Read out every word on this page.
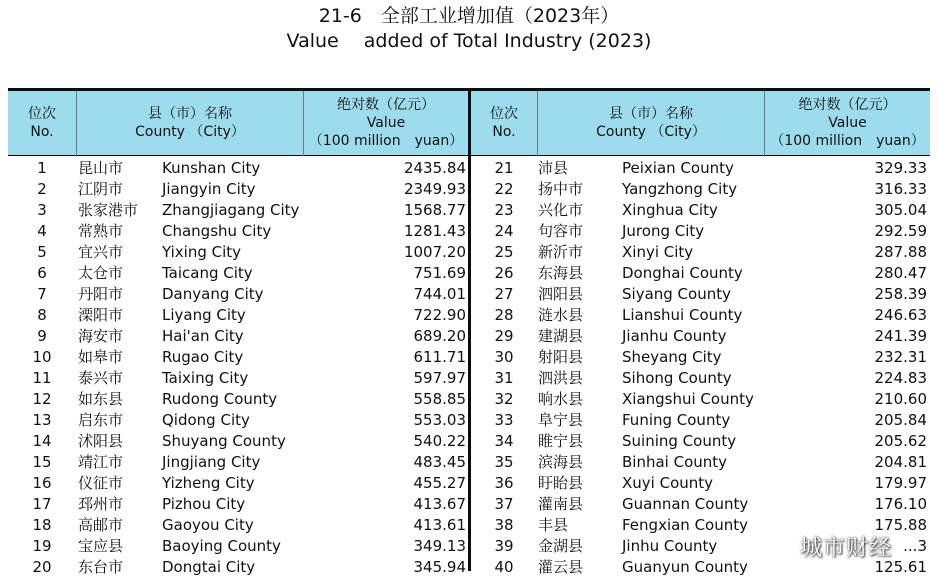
21-6　全部工业增加值（2023年）
Value　 added of Total Industry (2023)
位次
No.
县（市）名称
County （City）
绝对数（亿元）
Value
（100 million　yuan）
位次
No.
县（市）名称
County （City）
绝对数（亿元）
Value
（100 million　yuan）
1	昆山市	Kunshan City	2435.84	21	沛县	Peixian County	329.33
2	江阴市	Jiangyin City	2349.93	22	扬中市	Yangzhong City	316.33
3	张家港市 Zhangjiagang City	1568.77	23	兴化市	Xinghua City	305.04
4	常熟市	Changshu City	1281.43	24	句容市	Jurong City	292.59
5	宜兴市	Yixing City	1007.20	25	新沂市	Xinyi City	287.88
6	太仓市	Taicang City	751.69	26	东海县	Donghai County	280.47
7	丹阳市	Danyang City	744.01	27	泗阳县	Siyang County	258.39
8	溧阳市	Liyang City	722.90	28	涟水县	Lianshui County	246.63
9	海安市	Hai'an City	689.20	29	建湖县	Jianhu County	241.39
10	如皋市	Rugao City	611.71	30	射阳县	Sheyang City	232.31
11	泰兴市	Taixing City	597.97	31	泗洪县	Sihong County	224.83
12	如东县	Rudong County	558.85	32	响水县	Xiangshui County	210.60
13	启东市	Qidong City	553.03	33	阜宁县	Funing County	205.84
14	沭阳县	Shuyang County	540.22	34	睢宁县	Suining County	205.62
15	靖江市	Jingjiang City	483.45	35	滨海县	Binhai County	204.81
16	仪征市	Yizheng City	455.27	36	盱眙县	Xuyi County	179.97
17	邳州市	Pizhou City	413.67	37	灌南县	Guannan County	176.10
18	高邮市	Gaoyou City	413.61	38	丰县	Fengxian County	175.88
19	宝应县	Baoying County	349.13	39	金湖县	Jinhu County	...3
20	东台市	Dongtai City	345.94	40	灌云县	Guanyun County	125.61
城市财经
